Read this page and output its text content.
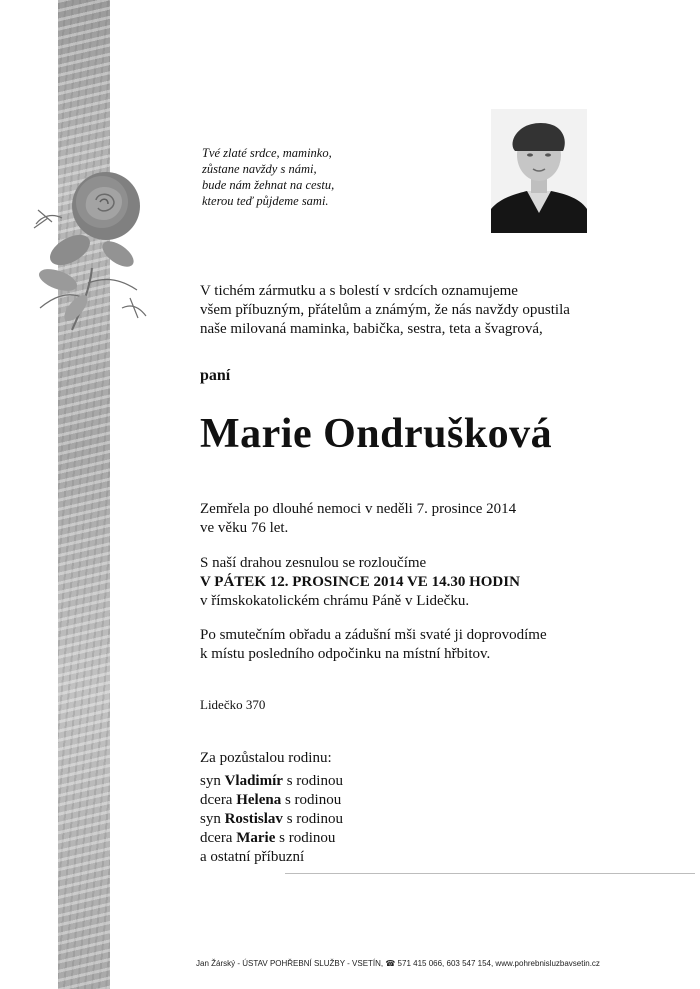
Tvé zlaté srdce, maminko,
zůstane navždy s námi,
bude nám žehnat na cestu,
kterou teď půjdeme sami.

V tichém zármutku a s bolestí v srdcích oznamujeme
všem příbuzným, přátelům a známým, že nás navždy opustila
naše milovaná maminka, babička, sestra, teta a švagrová,

paní

Marie Ondrušková

Zemřela po dlouhé nemoci v neděli 7. prosince 2014
ve věku 76 let.

S naší drahou zesnulou se rozloučíme
V PÁTEK 12. PROSINCE 2014 VE 14.30 HODIN
v římskokatolickém chrámu Páně v Lidečku.

Po smutečním obřadu a zádušní mši svaté ji doprovodíme
k místu posledního odpočinku na místní hřbitov.

Lidečko 370

Za pozůstalou rodinu:

syn Vladimír s rodinou
dcera Helena s rodinou
syn Rostislav s rodinou
dcera Marie s rodinou
a ostatní příbuzní
Jan Žárský - ÚSTAV POHŘEBNÍ SLUŽBY - VSETÍN, ☎ 571 415 066, 603 547 154, www.pohrebnisluzbavsetin.cz
